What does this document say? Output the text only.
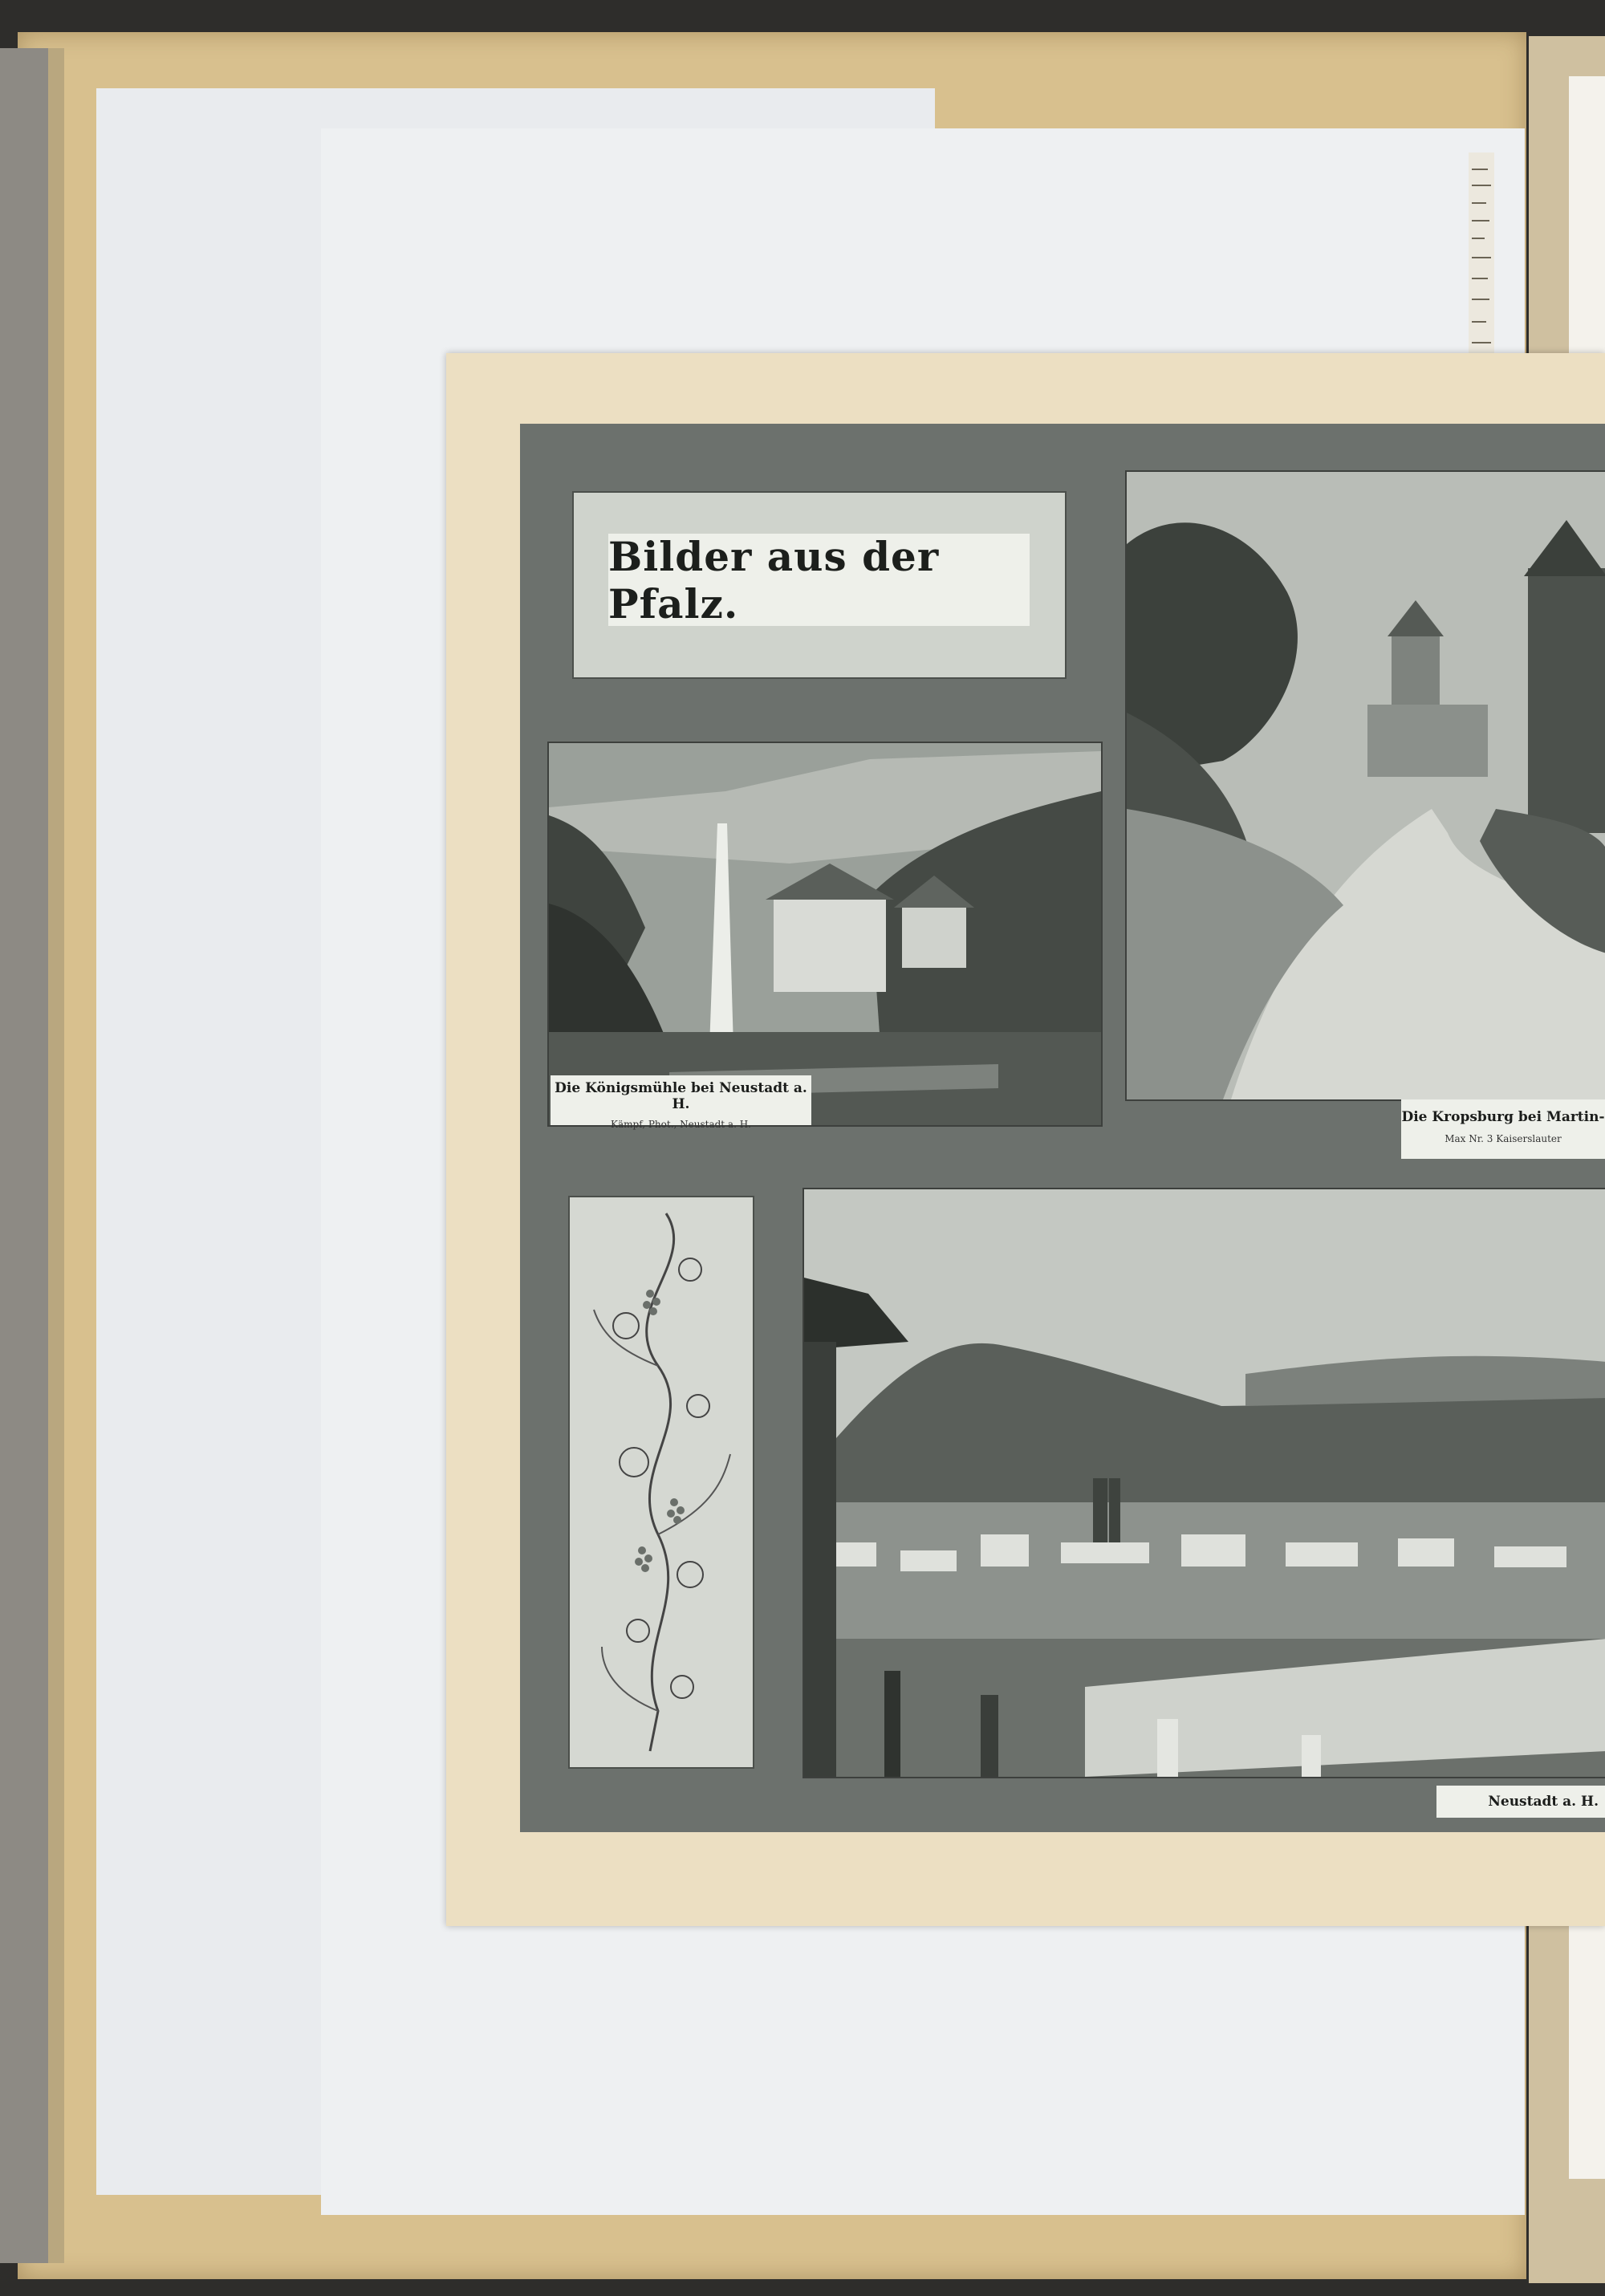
Bilder aus der Pfalz.
Die Königsmühle bei Neustadt a. H.
Kämpf, Phot., Neustadt a. H.	Die Kropsburg bei Martin-
Max Nr. 3 Kaiserslauter
Neustadt a. H.
